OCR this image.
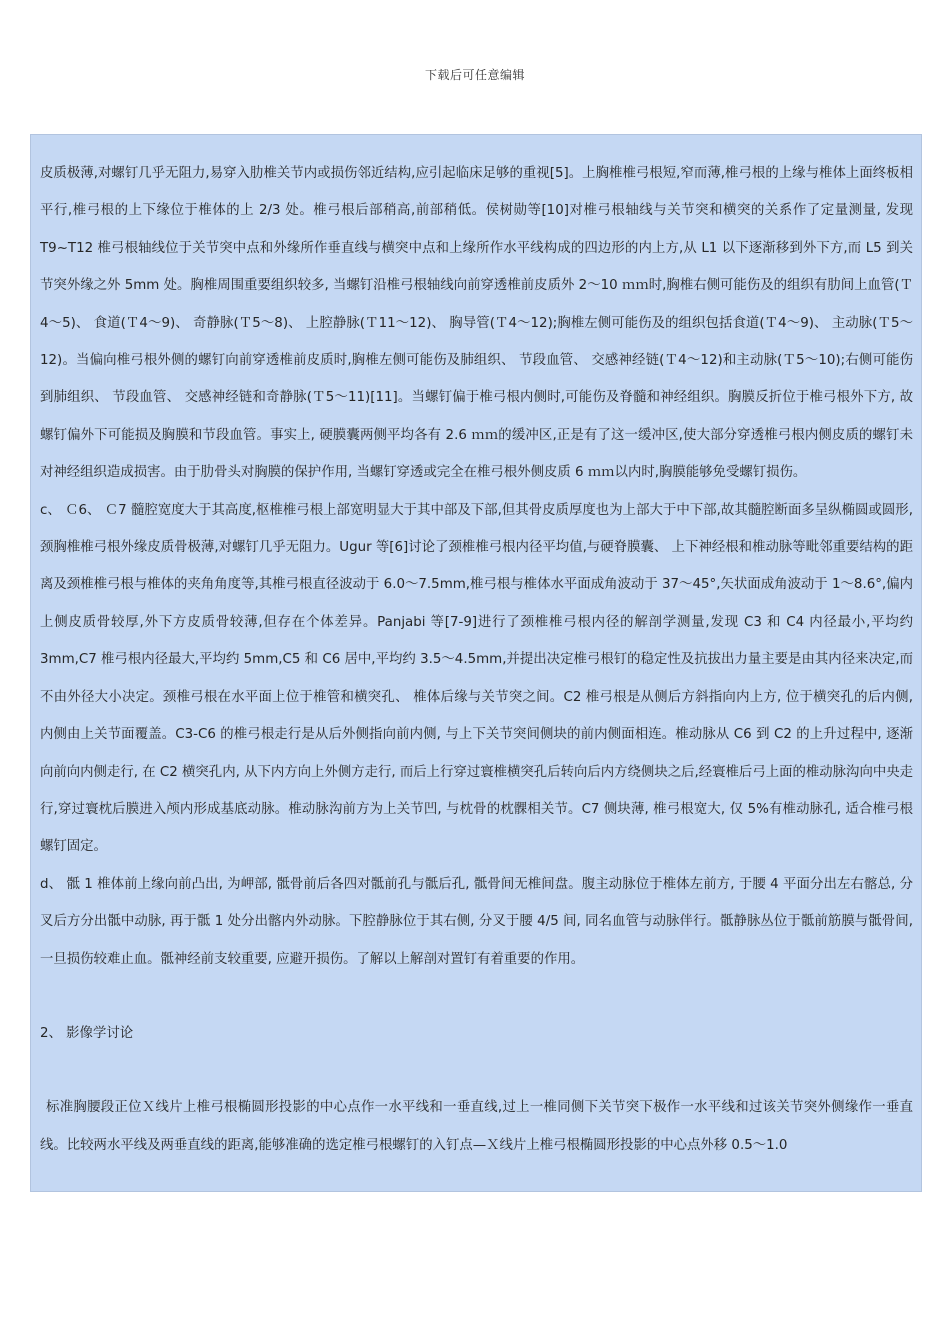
下载后可任意编辑

皮质极薄,对螺钉几乎无阻力,易穿入肋椎关节内或损伤邻近结构,应引起临床足够的重视[5]。上胸椎椎弓根短,窄而薄,椎弓根的上缘与椎体上面终板相平行,椎弓根的上下缘位于椎体的上 2/3 处。椎弓根后部稍高,前部稍低。侯树勋等[10]对椎弓根轴线与关节突和横突的关系作了定量测量, 发现 T9~T12 椎弓根轴线位于关节突中点和外缘所作垂直线与横突中点和上缘所作水平线构成的四边形的内上方,从 L1 以下逐渐移到外下方,而 L5 到关节突外缘之外 5mm 处。胸椎周围重要组织较多, 当螺钉沿椎弓根轴线向前穿透椎前皮质外 2～10 ｍｍ时,胸椎右侧可能伤及的组织有肋间上血管(Ｔ4～5)、 食道(Ｔ4～9)、 奇静脉(Ｔ5～8)、 上腔静脉(Ｔ11～12)、 胸导管(Ｔ4～12);胸椎左侧可能伤及的组织包括食道(Ｔ4～9)、 主动脉(Ｔ5～12)。当偏向椎弓根外侧的螺钉向前穿透椎前皮质时,胸椎左侧可能伤及肺组织、 节段血管、 交感神经链(Ｔ4～12)和主动脉(Ｔ5～10);右侧可能伤到肺组织、 节段血管、 交感神经链和奇静脉(Ｔ5～11)[11]。当螺钉偏于椎弓根内侧时,可能伤及脊髓和神经组织。胸膜反折位于椎弓根外下方, 故螺钉偏外下可能损及胸膜和节段血管。事实上, 硬膜囊两侧平均各有 2.6 ｍｍ的缓冲区,正是有了这一缓冲区,使大部分穿透椎弓根内侧皮质的螺钉未对神经组织造成损害。由于肋骨头对胸膜的保护作用, 当螺钉穿透或完全在椎弓根外侧皮质 6 ｍｍ以内时,胸膜能够免受螺钉损伤。

c、 Ｃ6、 Ｃ7 髓腔宽度大于其高度,枢椎椎弓根上部宽明显大于其中部及下部,但其骨皮质厚度也为上部大于中下部,故其髓腔断面多呈纵椭圆或圆形,颈胸椎椎弓根外缘皮质骨极薄,对螺钉几乎无阻力。Ugur 等[6]讨论了颈椎椎弓根内径平均值,与硬脊膜囊、 上下神经根和椎动脉等毗邻重要结构的距离及颈椎椎弓根与椎体的夹角角度等,其椎弓根直径波动于 6.0～7.5mm,椎弓根与椎体水平面成角波动于 37～45°,矢状面成角波动于 1～8.6°,偏内上侧皮质骨较厚,外下方皮质骨较薄,但存在个体差异。Panjabi 等[7-9]进行了颈椎椎弓根内径的解剖学测量,发现 C3 和 C4 内径最小,平均约 3mm,C7 椎弓根内径最大,平均约 5mm,C5 和 C6 居中,平均约 3.5～4.5mm,并提出决定椎弓根钉的稳定性及抗拔出力量主要是由其内径来决定,而不由外径大小决定。颈椎弓根在水平面上位于椎管和横突孔、 椎体后缘与关节突之间。C2 椎弓根是从侧后方斜指向内上方, 位于横突孔的后内侧, 内侧由上关节面覆盖。C3-C6 的椎弓根走行是从后外侧指向前内侧, 与上下关节突间侧块的前内侧面相连。椎动脉从 C6 到 C2 的上升过程中, 逐渐向前向内侧走行, 在 C2 横突孔内, 从下内方向上外侧方走行, 而后上行穿过寰椎横突孔后转向后内方绕侧块之后,经寰椎后弓上面的椎动脉沟向中央走行,穿过寰枕后膜进入颅内形成基底动脉。椎动脉沟前方为上关节凹, 与枕骨的枕髁相关节。C7 侧块薄, 椎弓根宽大, 仅 5%有椎动脉孔, 适合椎弓根螺钉固定。

d、 骶 1 椎体前上缘向前凸出, 为岬部, 骶骨前后各四对骶前孔与骶后孔, 骶骨间无椎间盘。腹主动脉位于椎体左前方, 于腰 4 平面分出左右髂总, 分叉后方分出骶中动脉, 再于骶 1 处分出髂内外动脉。下腔静脉位于其右侧, 分叉于腰 4/5 间, 同名血管与动脉伴行。骶静脉丛位于骶前筋膜与骶骨间, 一旦损伤较难止血。骶神经前支较重要, 应避开损伤。了解以上解剖对置钉有着重要的作用。

2、 影像学讨论

标准胸腰段正位Ｘ线片上椎弓根椭圆形投影的中心点作一水平线和一垂直线,过上一椎同侧下关节突下极作一水平线和过该关节突外侧缘作一垂直线。比较两水平线及两垂直线的距离,能够准确的选定椎弓根螺钉的入钉点—Ｘ线片上椎弓根椭圆形投影的中心点外移 0.5～1.0
